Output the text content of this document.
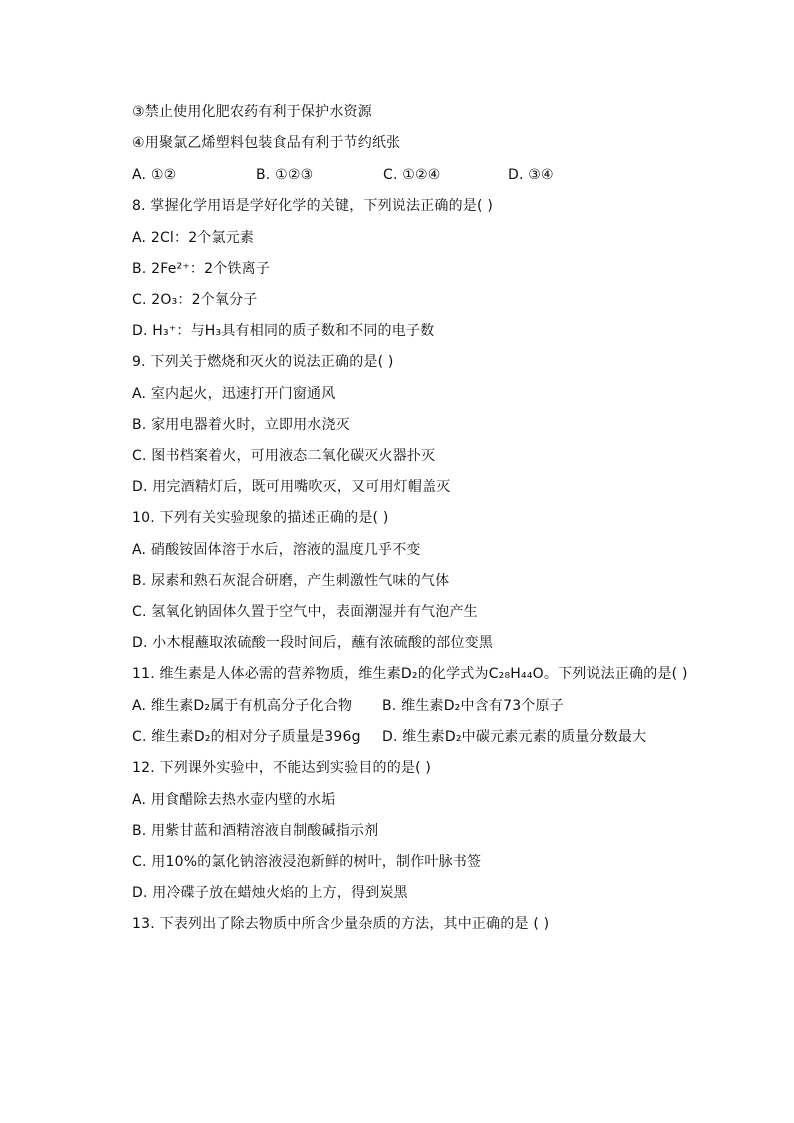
③禁止使用化肥农药有利于保护水资源
④用聚氯乙烯塑料包装食品有利于节约纸张
A. ①②	B. ①②③	C. ①②④	D. ③④
8. 掌握化学用语是学好化学的关键，下列说法正确的是( )
A. 2Cl：2个氯元素
B. 2Fe²⁺：2个铁离子
C. 2O₃：2个氧分子
D. H₃⁺：与H₃具有相同的质子数和不同的电子数
9. 下列关于燃烧和灭火的说法正确的是( )
A. 室内起火，迅速打开门窗通风
B. 家用电器着火时，立即用水浇灭
C. 图书档案着火，可用液态二氧化碳灭火器扑灭
D. 用完酒精灯后，既可用嘴吹灭，又可用灯帽盖灭
10. 下列有关实验现象的描述正确的是( )
A. 硝酸铵固体溶于水后，溶液的温度几乎不变
B. 尿素和熟石灰混合研磨，产生刺激性气味的气体
C. 氢氧化钠固体久置于空气中，表面潮湿并有气泡产生
D. 小木棍蘸取浓硫酸一段时间后，蘸有浓硫酸的部位变黑
11. 维生素是人体必需的营养物质，维生素D₂的化学式为C₂₈H₄₄O。下列说法正确的是( )
A. 维生素D₂属于有机高分子化合物 B. 维生素D₂中含有73个原子
C. 维生素D₂的相对分子质量是396g D. 维生素D₂中碳元素元素的质量分数最大
12. 下列课外实验中，不能达到实验目的的是( )
A. 用食醋除去热水壶内壁的水垢
B. 用紫甘蓝和酒精溶液自制酸碱指示剂
C. 用10%的氯化钠溶液浸泡新鲜的树叶，制作叶脉书签
D. 用冷碟子放在蜡烛火焰的上方，得到炭黑
13. 下表列出了除去物质中所含少量杂质的方法，其中正确的是 ( )
